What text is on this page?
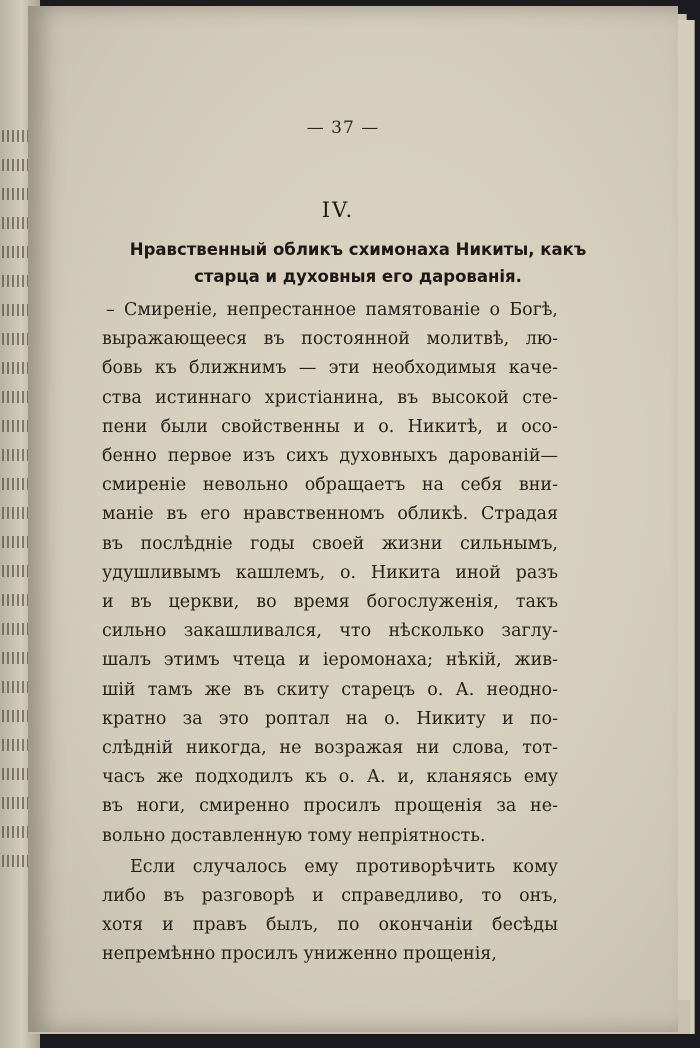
— 37 —
IV.
Нравственный обликъ схимонаха Никиты, какъ
старца и духовныя его дарованія.
– Смиреніе, непрестанное памятованіе о Богѣ,
выражающееся въ постоянной молитвѣ, лю-
бовь къ ближнимъ — эти необходимыя каче-
ства истиннаго христіанина, въ высокой сте-
пени были свойственны и о. Никитѣ, и осо-
бенно первое изъ сихъ духовныхъ дарованій—
смиреніе невольно обращаетъ на себя вни-
маніе въ его нравственномъ обликѣ. Страдая
въ послѣдніе годы своей жизни сильнымъ,
удушливымъ кашлемъ, о. Никита иной разъ
и въ церкви, во время богослуженія, такъ
сильно закашливался, что нѣсколько заглу-
шалъ этимъ чтеца и іеромонаха; нѣкій, жив-
шій тамъ же въ скиту старецъ о. А. неодно-
кратно за это роптал на о. Никиту и по-
слѣдній никогда, не возражая ни слова, тот-
часъ же подходилъ къ о. А. и, кланяясь ему
въ ноги, смиренно просилъ прощенія за не-
вольно доставленную тому непріятность.
Если случалось ему противорѣчить кому
либо въ разговорѣ и справедливо, то онъ,
хотя и правъ былъ, по окончаніи бесѣды
непремѣнно просилъ униженно прощенія,
